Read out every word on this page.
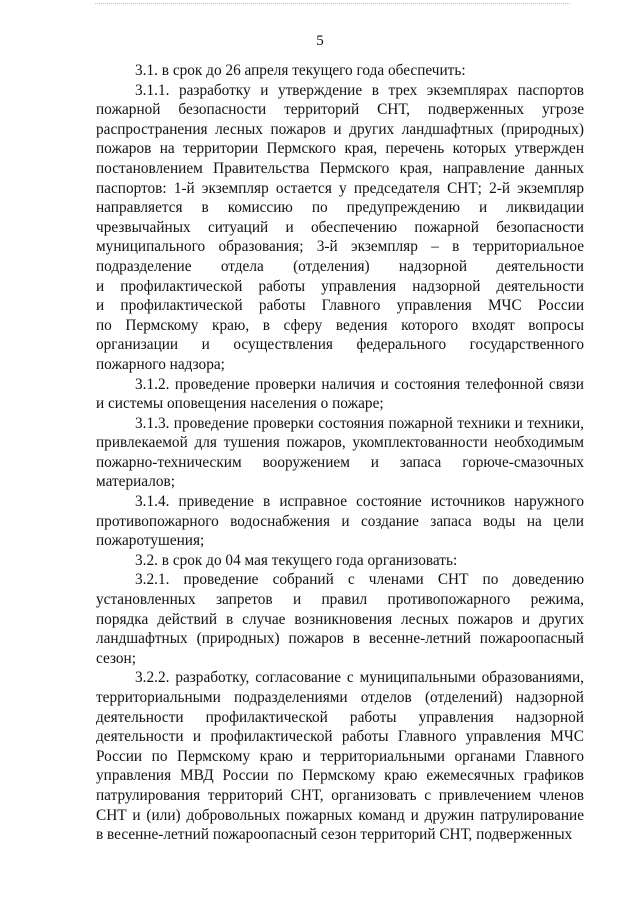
5
3.1. в срок до 26 апреля текущего года обеспечить:
3.1.1. разработку и утверждение в трех экземплярах паспортов
пожарной безопасности территорий СНТ, подверженных угрозе
распространения лесных пожаров и других ландшафтных (природных)
пожаров на территории Пермского края, перечень которых утвержден
постановлением Правительства Пермского края, направление данных
паспортов: 1-й экземпляр остается у председателя СНТ; 2-й экземпляр
направляется в комиссию по предупреждению и ликвидации
чрезвычайных ситуаций и обеспечению пожарной безопасности
муниципального образования; 3-й экземпляр – в территориальное
подразделение отдела (отделения) надзорной деятельности
и профилактической работы управления надзорной деятельности
и профилактической работы Главного управления МЧС России
по Пермскому краю, в сферу ведения которого входят вопросы
организации и осуществления федерального государственного
пожарного надзора;
3.1.2. проведение проверки наличия и состояния телефонной связи
и системы оповещения населения о пожаре;
3.1.3. проведение проверки состояния пожарной техники и техники,
привлекаемой для тушения пожаров, укомплектованности необходимым
пожарно-техническим вооружением и запаса горюче-смазочных
материалов;
3.1.4. приведение в исправное состояние источников наружного
противопожарного водоснабжения и создание запаса воды на цели
пожаротушения;
3.2. в срок до 04 мая текущего года организовать:
3.2.1. проведение собраний с членами СНТ по доведению
установленных запретов и правил противопожарного режима,
порядка действий в случае возникновения лесных пожаров и других
ландшафтных (природных) пожаров в весенне-летний пожароопасный
сезон;
3.2.2. разработку, согласование с муниципальными образованиями,
территориальными подразделениями отделов (отделений) надзорной
деятельности профилактической работы управления надзорной
деятельности и профилактической работы Главного управления МЧС
России по Пермскому краю и территориальными органами Главного
управления МВД России по Пермскому краю ежемесячных графиков
патрулирования территорий СНТ, организовать с привлечением членов
СНТ и (или) добровольных пожарных команд и дружин патрулирование
в весенне-летний пожароопасный сезон территорий СНТ, подверженных
